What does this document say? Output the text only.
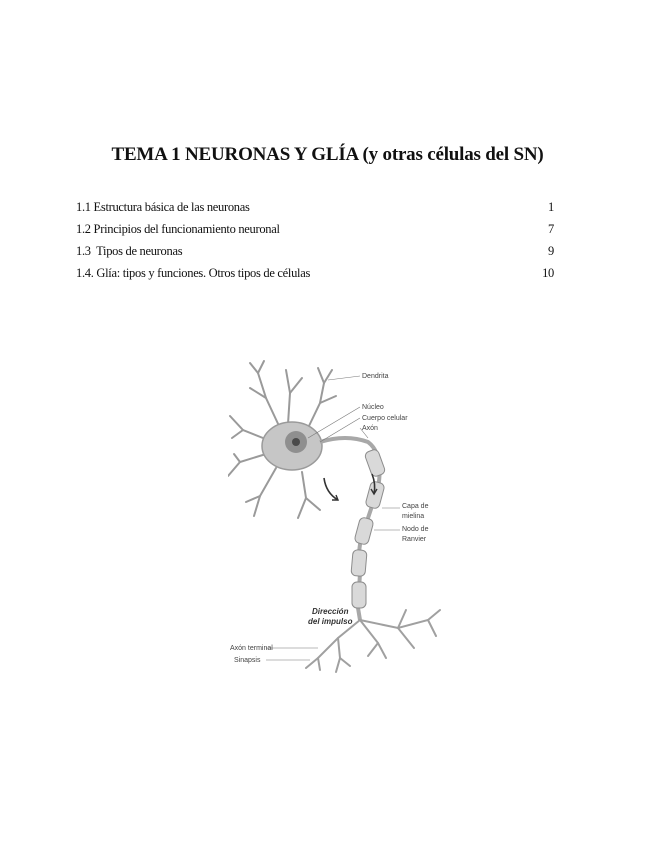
TEMA 1 NEURONAS Y GLÍA (y otras células del SN)
1.1 Estructura básica de las neuronas	1
1.2 Principios del funcionamiento neuronal	7
1.3  Tipos de neuronas	9
1.4. Glía: tipos y funciones. Otros tipos de células	10
Dendrita
Núcleo
Cuerpo celular
Axón
Capa de
mielina
Nodo de
Ranvier
Dirección
del impulso
Axón terminal
Sinapsis
